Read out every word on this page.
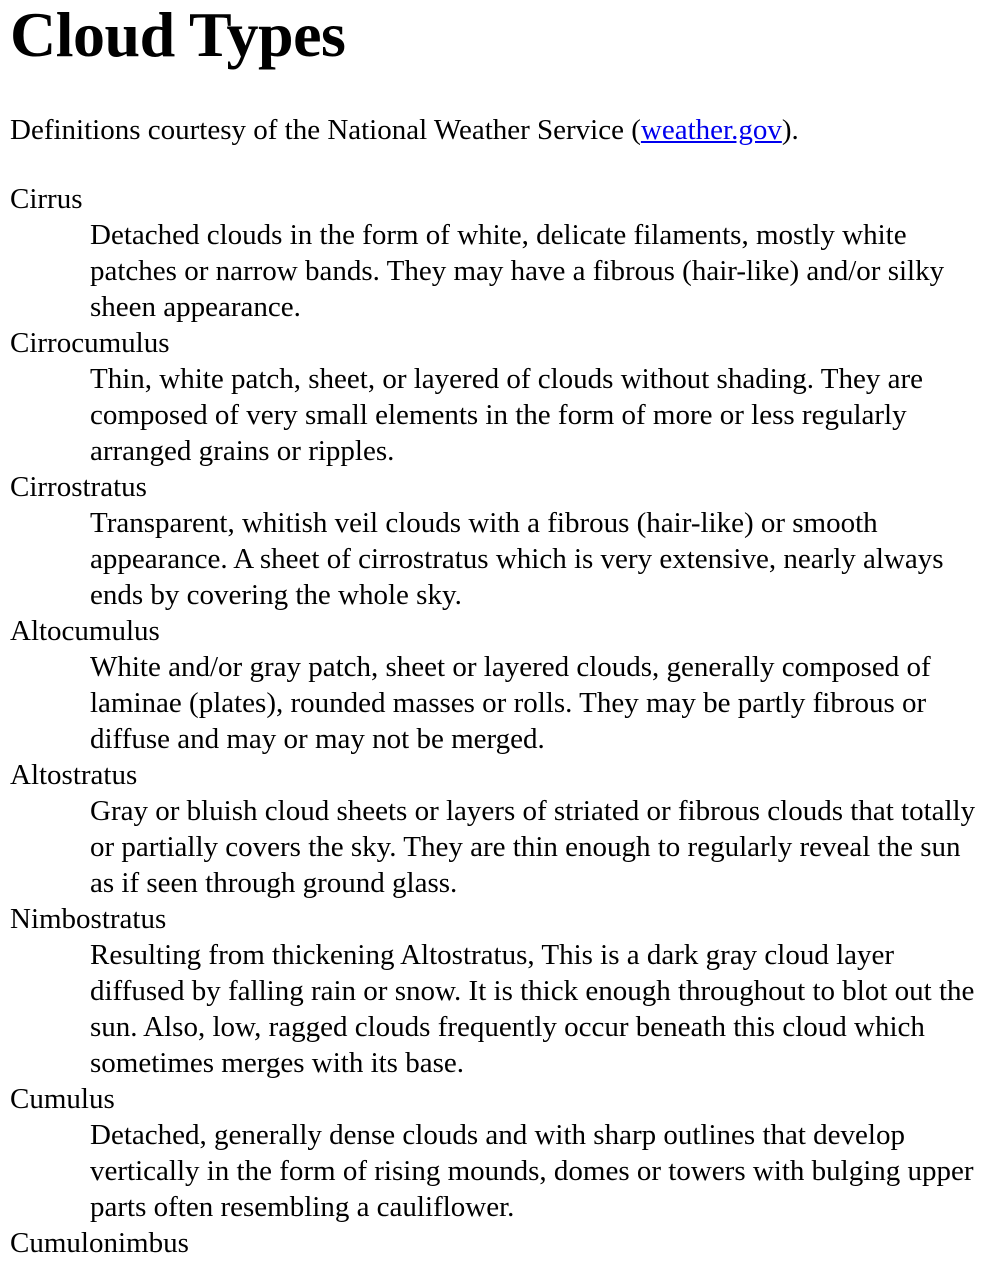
Cloud Types

Definitions courtesy of the National Weather Service (weather.gov).

Cirrus
Detached clouds in the form of white, delicate filaments, mostly white patches or narrow bands. They may have a fibrous (hair-like) and/or silky sheen appearance.
Cirrocumulus
Thin, white patch, sheet, or layered of clouds without shading. They are composed of very small elements in the form of more or less regularly arranged grains or ripples.
Cirrostratus
Transparent, whitish veil clouds with a fibrous (hair-like) or smooth appearance. A sheet of cirrostratus which is very extensive, nearly always ends by covering the whole sky.
Altocumulus
White and/or gray patch, sheet or layered clouds, generally composed of laminae (plates), rounded masses or rolls. They may be partly fibrous or diffuse and may or may not be merged.
Altostratus
Gray or bluish cloud sheets or layers of striated or fibrous clouds that totally or partially covers the sky. They are thin enough to regularly reveal the sun as if seen through ground glass.
Nimbostratus
Resulting from thickening Altostratus, This is a dark gray cloud layer diffused by falling rain or snow. It is thick enough throughout to blot out the sun. Also, low, ragged clouds frequently occur beneath this cloud which sometimes merges with its base.
Cumulus
Detached, generally dense clouds and with sharp outlines that develop vertically in the form of rising mounds, domes or towers with bulging upper parts often resembling a cauliflower.
Cumulonimbus
